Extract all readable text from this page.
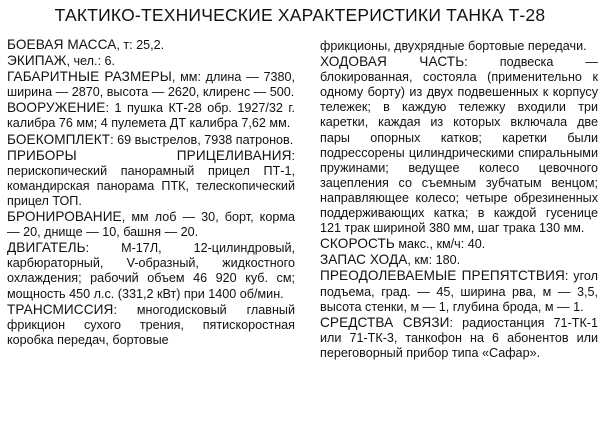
ТАКТИКО-ТЕХНИЧЕСКИЕ ХАРАКТЕРИСТИКИ ТАНКА Т-28

БОЕВАЯ МАССА, т: 25,2.

ЭКИПАЖ, чел.: 6.

ГАБАРИТНЫЕ РАЗМЕРЫ, мм: длина — 7380, ширина — 2870, высота — 2620, клиренс — 500.

ВООРУЖЕНИЕ: 1 пушка КТ-28 обр. 1927/32 г. калибра 76 мм; 4 пулемета ДТ калибра 7,62 мм.

БОЕКОМПЛЕКТ: 69 выстрелов, 7938 патронов.

ПРИБОРЫ ПРИЦЕЛИВАНИЯ: перископический панорамный прицел ПТ-1, командирская панорама ПТК, телескопический прицел ТОП.

БРОНИРОВАНИЕ, мм лоб — 30, борт, корма — 20, днище — 10, башня — 20.

ДВИГАТЕЛЬ: М-17Л, 12-цилиндровый, карбюраторный, V-образный, жидкостного охлаждения; рабочий объем 46 920 куб. см; мощность 450 л.с. (331,2 кВт) при 1400 об/мин.

ТРАНСМИССИЯ: многодисковый главный фрикцион сухого трения, пятискоростная коробка передач, бортовые

фрикционы, двухрядные бортовые передачи.

ХОДОВАЯ ЧАСТЬ: подвеска — блокированная, состояла (применительно к одному борту) из двух подвешенных к корпусу тележек; в каждую тележку входили три каретки, каждая из которых включала две пары опорных катков; каретки были подрессорены цилиндрическими спиральными пружинами; ведущее колесо цевочного зацепления со съемным зубчатым венцом; направляющее колесо; четыре обрезиненных поддерживающих катка; в каждой гусенице 121 трак шириной 380 мм, шаг трака 130 мм.

СКОРОСТЬ макс., км/ч: 40.

ЗАПАС ХОДА, км: 180.

ПРЕОДОЛЕВАЕМЫЕ ПРЕПЯТСТВИЯ: угол подъема, град. — 45, ширина рва, м — 3,5, высота стенки, м — 1, глубина брода, м — 1.

СРЕДСТВА СВЯЗИ: радиостанция 71-ТК-1 или 71-ТК-3, танкофон на 6 абонентов или переговорный прибор типа «Сафар».
